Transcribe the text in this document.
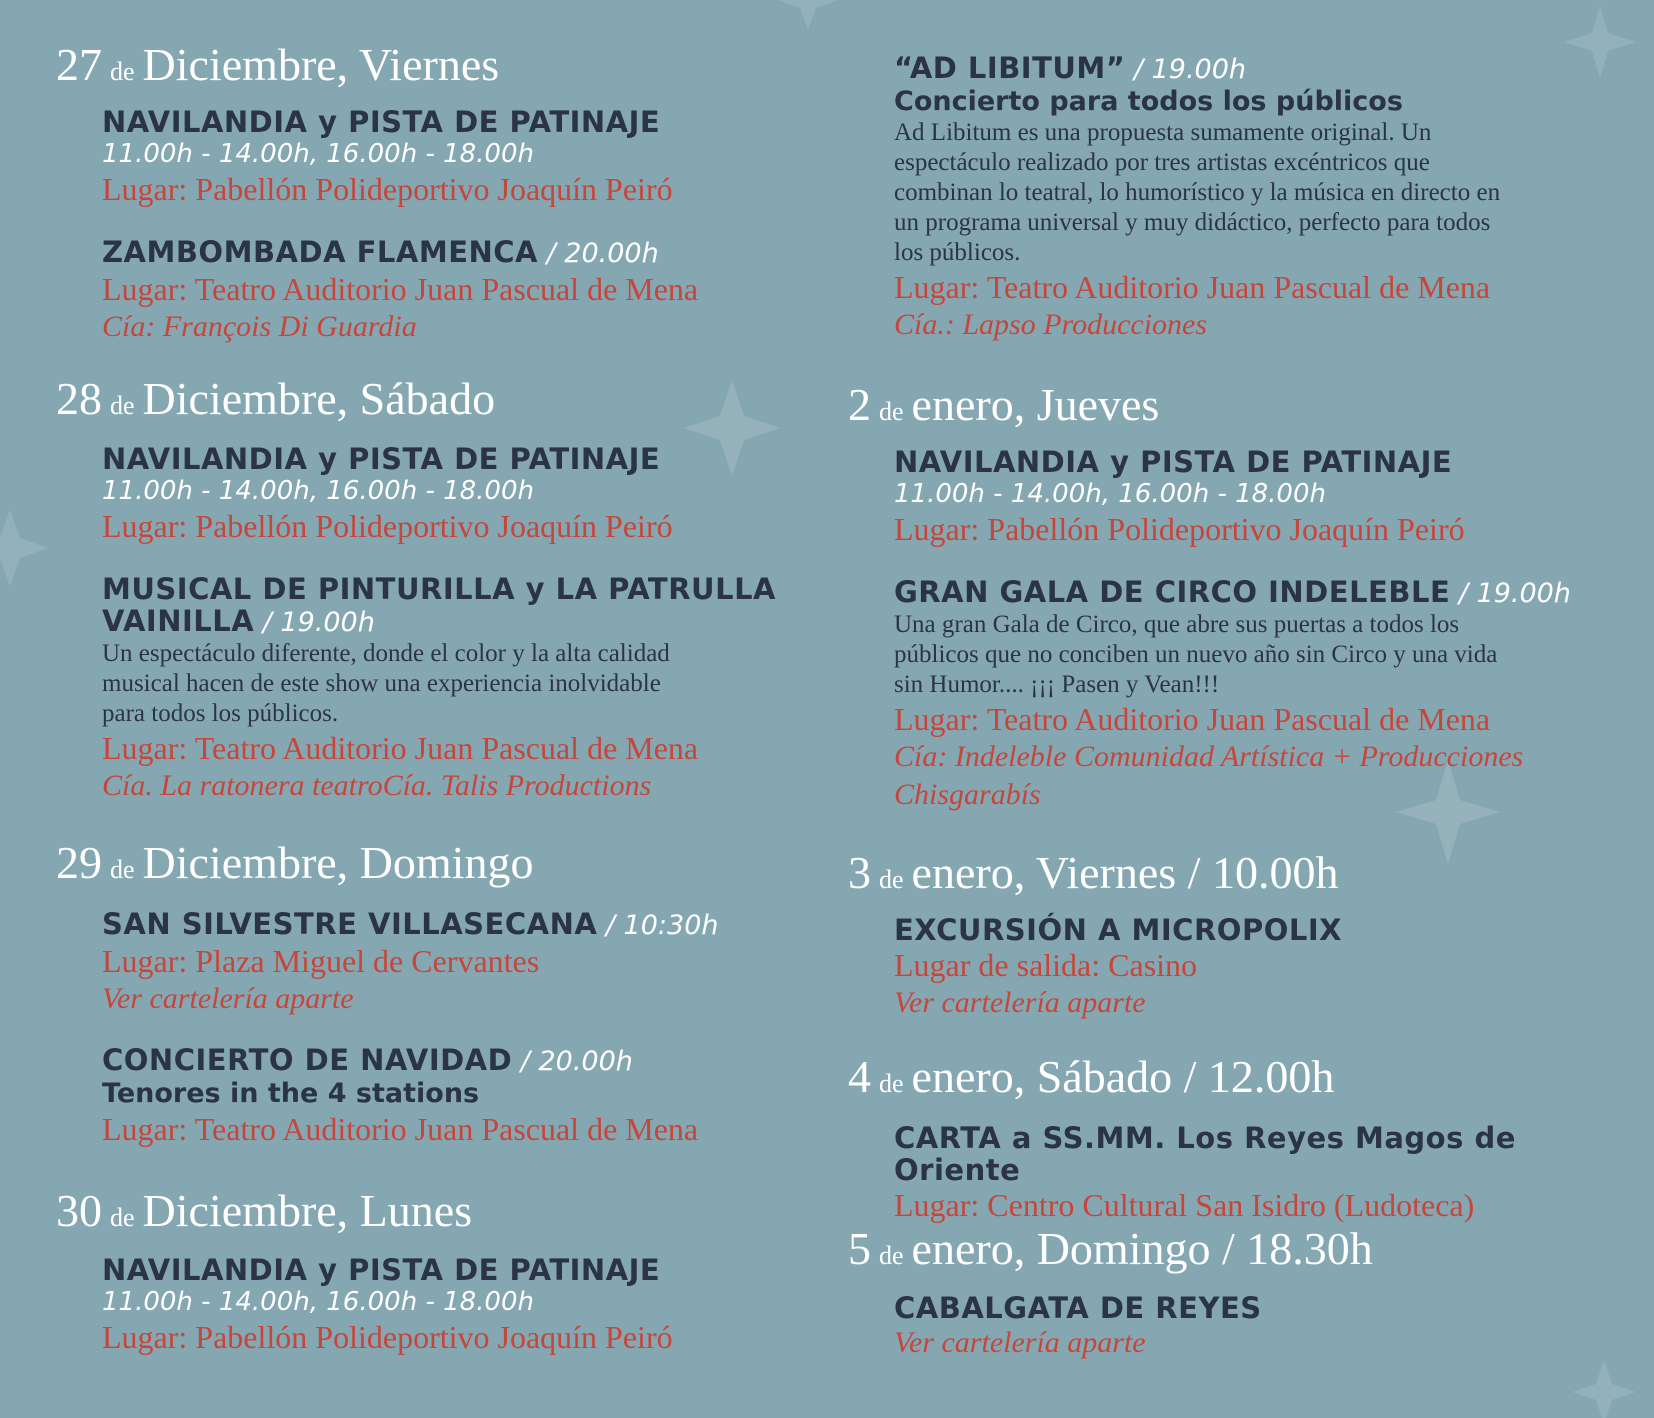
27 de Diciembre, Viernes
NAVILANDIA y PISTA DE PATINAJE
11.00h - 14.00h, 16.00h - 18.00h
Lugar: Pabellón Polideportivo Joaquín Peiró
ZAMBOMBADA FLAMENCA / 20.00h
Lugar: Teatro Auditorio Juan Pascual de Mena
Cía: François Di Guardia
28 de Diciembre, Sábado
NAVILANDIA y PISTA DE PATINAJE
11.00h - 14.00h, 16.00h - 18.00h
Lugar: Pabellón Polideportivo Joaquín Peiró
MUSICAL DE PINTURILLA y LA PATRULLA
VAINILLA / 19.00h
Un espectáculo diferente, donde el color y la alta calidad
musical hacen de este show una experiencia inolvidable
para todos los públicos.
Lugar: Teatro Auditorio Juan Pascual de Mena
Cía. La ratonera teatroCía. Talis Productions
29 de Diciembre, Domingo
SAN SILVESTRE VILLASECANA / 10:30h
Lugar: Plaza Miguel de Cervantes
Ver cartelería aparte
CONCIERTO DE NAVIDAD / 20.00h
Tenores in the 4 stations
Lugar: Teatro Auditorio Juan Pascual de Mena
30 de Diciembre, Lunes
NAVILANDIA y PISTA DE PATINAJE
11.00h - 14.00h, 16.00h - 18.00h
Lugar: Pabellón Polideportivo Joaquín Peiró
“AD LIBITUM” / 19.00h
Concierto para todos los públicos
Ad Libitum es una propuesta sumamente original. Un
espectáculo realizado por tres artistas excéntricos que
combinan lo teatral, lo humorístico y la música en directo en
un programa universal y muy didáctico, perfecto para todos
los públicos.
Lugar: Teatro Auditorio Juan Pascual de Mena
Cía.: Lapso Producciones
2 de enero, Jueves
NAVILANDIA y PISTA DE PATINAJE
11.00h - 14.00h, 16.00h - 18.00h
Lugar: Pabellón Polideportivo Joaquín Peiró
GRAN GALA DE CIRCO INDELEBLE / 19.00h
Una gran Gala de Circo, que abre sus puertas a todos los
públicos que no conciben un nuevo año sin Circo y una vida
sin Humor.... ¡¡¡ Pasen y Vean!!!
Lugar: Teatro Auditorio Juan Pascual de Mena
Cía: Indeleble Comunidad Artística + Producciones
Chisgarabís
3 de enero, Viernes / 10.00h
EXCURSIÓN A MICROPOLIX
Lugar de salida: Casino
Ver cartelería aparte
4 de enero, Sábado / 12.00h
CARTA a SS.MM. Los Reyes Magos de Oriente
Lugar: Centro Cultural San Isidro (Ludoteca)
5 de enero, Domingo / 18.30h
CABALGATA DE REYES
Ver cartelería aparte
